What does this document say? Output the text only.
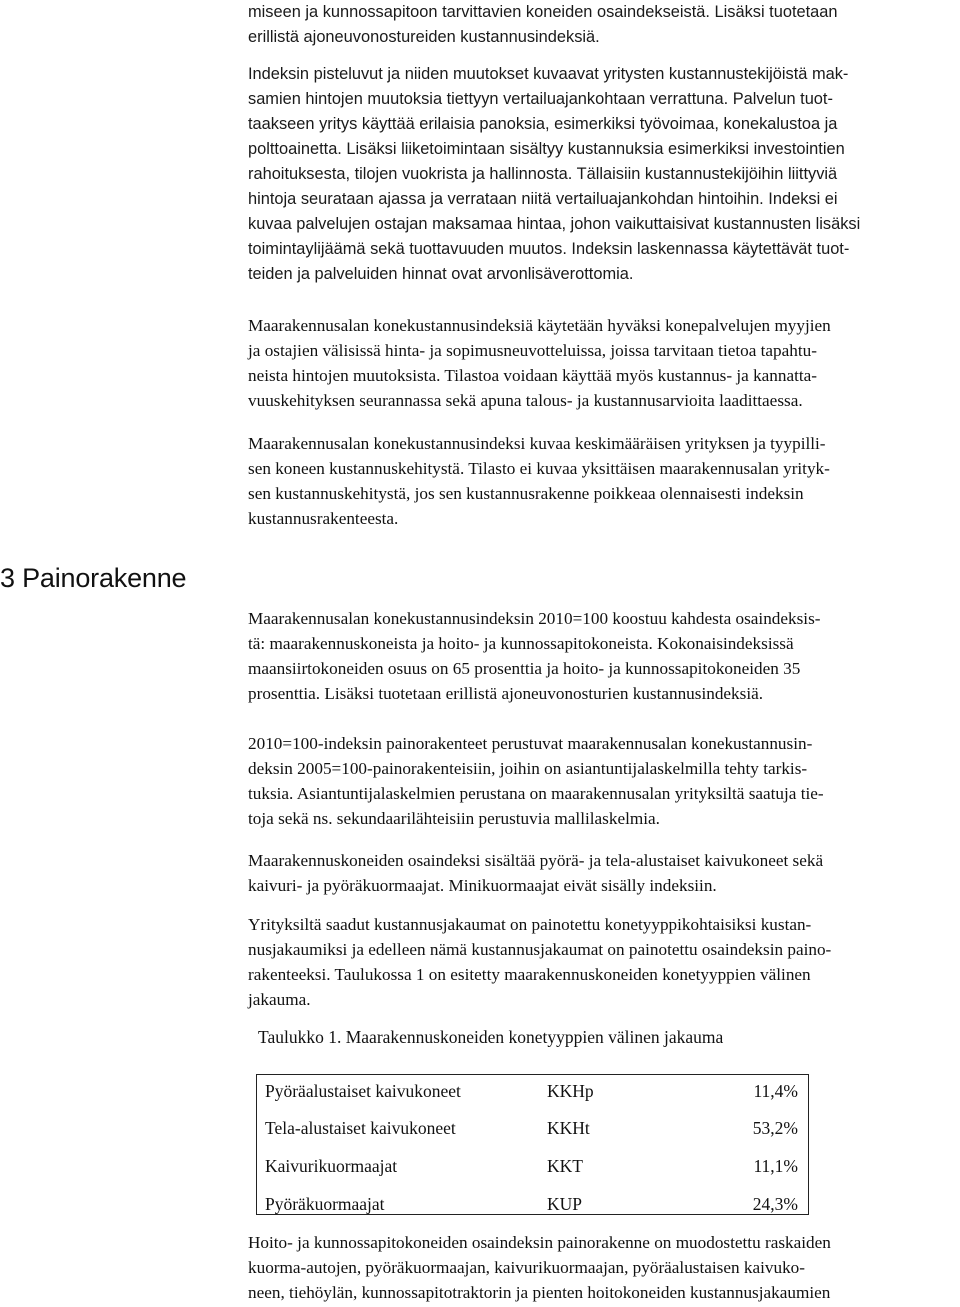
miseen ja kunnossapitoon tarvittavien koneiden osaindekseistä. Lisäksi tuotetaan
erillistä ajoneuvonostureiden kustannusindeksiä.
Indeksin pisteluvut ja niiden muutokset kuvaavat yritysten kustannustekijöistä mak-
samien hintojen muutoksia tiettyyn vertailuajankohtaan verrattuna. Palvelun tuot-
taakseen yritys käyttää erilaisia panoksia, esimerkiksi työvoimaa, konekalustoa ja
polttoainetta. Lisäksi liiketoimintaan sisältyy kustannuksia esimerkiksi investointien
rahoituksesta, tilojen vuokrista ja hallinnosta. Tällaisiin kustannustekijöihin liittyviä
hintoja seurataan ajassa ja verrataan niitä vertailuajankohdan hintoihin. Indeksi ei
kuvaa palvelujen ostajan maksamaa hintaa, johon vaikuttaisivat kustannusten lisäksi
toimintaylijäämä sekä tuottavuuden muutos. Indeksin laskennassa käytettävät tuot-
teiden ja palveluiden hinnat ovat arvonlisäverottomia.

Maarakennusalan konekustannusindeksiä käytetään hyväksi konepalvelujen myyjien
ja ostajien välisissä hinta- ja sopimusneuvotteluissa, joissa tarvitaan tietoa tapahtu-
neista hintojen muutoksista. Tilastoa voidaan käyttää myös kustannus- ja kannatta-
vuuskehityksen seurannassa sekä apuna talous- ja kustannusarvioita laadittaessa.

Maarakennusalan konekustannusindeksi kuvaa keskimääräisen yrityksen ja tyypilli-
sen koneen kustannuskehitystä. Tilasto ei kuvaa yksittäisen maarakennusalan yrityk-
sen kustannuskehitystä, jos sen kustannusrakenne poikkeaa olennaisesti indeksin
kustannusrakenteesta.

3 Painorakenne

Maarakennusalan konekustannusindeksin 2010=100 koostuu kahdesta osaindeksis-
tä: maarakennuskoneista ja hoito- ja kunnossapitokoneista. Kokonaisindeksissä
maansiirtokoneiden osuus on 65 prosenttia ja hoito- ja kunnossapitokoneiden 35
prosenttia. Lisäksi tuotetaan erillistä ajoneuvonosturien kustannusindeksiä.

2010=100-indeksin painorakenteet perustuvat maarakennusalan konekustannusin-
deksin 2005=100-painorakenteisiin, joihin on asiantuntijalaskelmilla tehty tarkis-
tuksia. Asiantuntijalaskelmien perustana on maarakennusalan yrityksiltä saatuja tie-
toja sekä ns. sekundaarilähteisiin perustuvia mallilaskelmia.

Maarakennuskoneiden osaindeksi sisältää pyörä- ja tela-alustaiset kaivukoneet sekä
kaivuri- ja pyöräkuormaajat. Minikuormaajat eivät sisälly indeksiin.

Yrityksiltä saadut kustannusjakaumat on painotettu konetyyppikohtaisiksi kustan-
nusjakaumiksi ja edelleen nämä kustannusjakaumat on painotettu osaindeksin paino-
rakenteeksi. Taulukossa 1 on esitetty maarakennuskoneiden konetyyppien välinen
jakauma.

Taulukko 1. Maarakennuskoneiden konetyyppien välinen jakauma

Pyöräalustaiset kaivukoneet	KKHp	11,4%
Tela-alustaiset kaivukoneet	KKHt	53,2%
Kaivurikuormaajat	KKT	11,1%
Pyöräkuormaajat	KUP	24,3%

Hoito- ja kunnossapitokoneiden osaindeksin painorakenne on muodostettu raskaiden
kuorma-autojen, pyöräkuormaajan, kaivurikuormaajan, pyöräalustaisen kaivuko-
neen, tiehöylän, kunnossapitotraktorin ja pienten hoitokoneiden kustannusjakaumien
